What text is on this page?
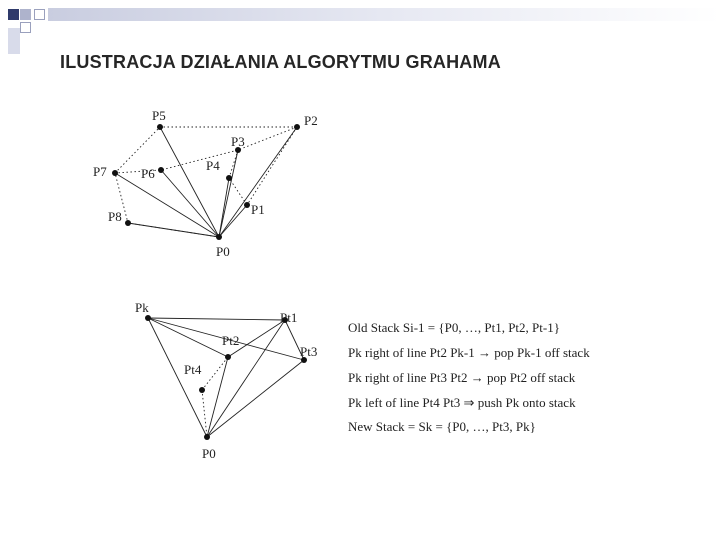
ILUSTRACJA DZIAŁANIA ALGORYTMU GRAHAMA
P0
P1
P2
P3
P4
P5
P6
P7
P8
Pk
Pt1
Pt2
Pt3
Pt4
P0
Old Stack Si-1 = {P0, …, Pt1, Pt2, Pt-1}
Pk right of line Pt2 Pk-1 → pop Pk-1 off stack
Pk right of line Pt3 Pt2 → pop Pt2 off stack
Pk left of line Pt4 Pt3 ⇒ push Pk onto stack
New Stack = Sk = {P0, …, Pt3, Pk}
